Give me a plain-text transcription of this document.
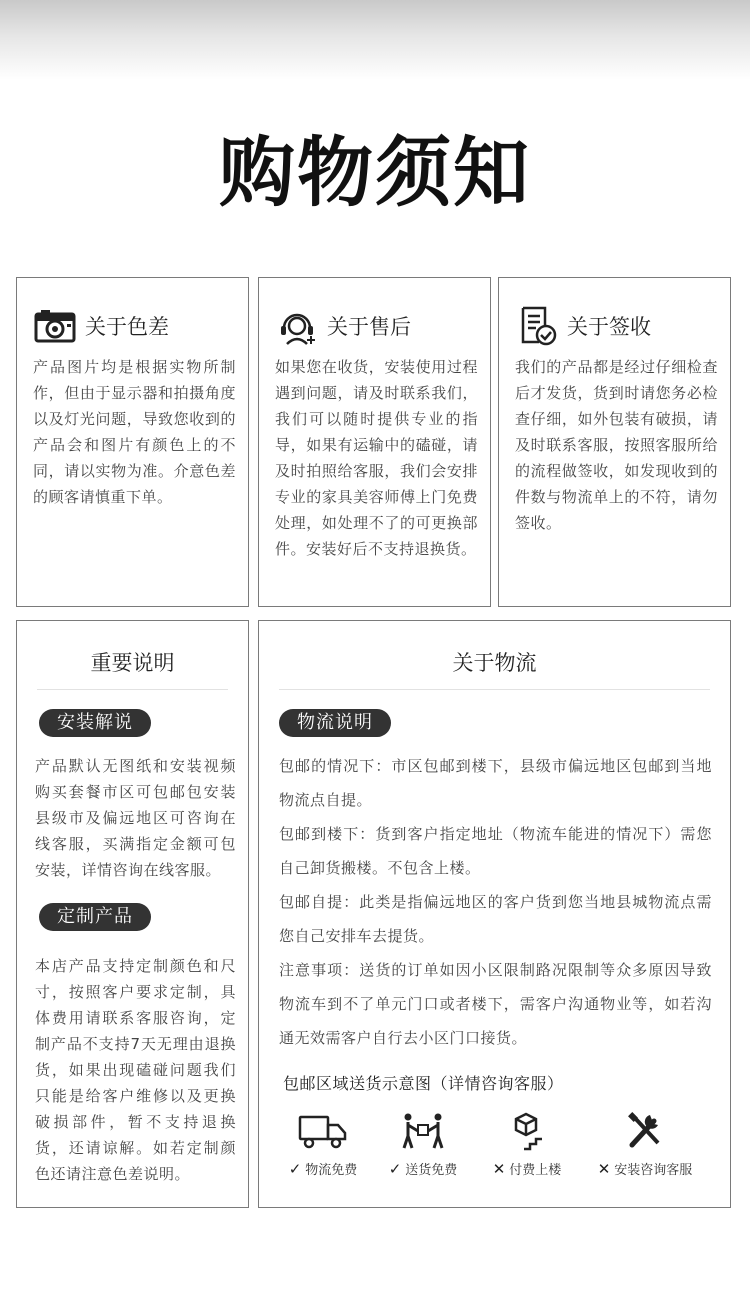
购物须知
关于色差
产品图片均是根据实物所制作，但由于显示器和拍摄角度以及灯光问题，导致您收到的产品会和图片有颜色上的不同，请以实物为准。介意色差的顾客请慎重下单。
关于售后
如果您在收货，安装使用过程遇到问题，请及时联系我们，我们可以随时提供专业的指导，如果有运输中的磕碰，请及时拍照给客服，我们会安排专业的家具美容师傅上门免费处理，如处理不了的可更换部件。安装好后不支持退换货。
关于签收
我们的产品都是经过仔细检查后才发货，货到时请您务必检查仔细，如外包装有破损，请及时联系客服，按照客服所给的流程做签收，如发现收到的件数与物流单上的不符，请勿签收。
重要说明
安装解说
产品默认无图纸和安装视频购买套餐市区可包邮包安装县级市及偏远地区可咨询在线客服，买满指定金额可包安装，详情咨询在线客服。
定制产品
本店产品支持定制颜色和尺寸，按照客户要求定制，具体费用请联系客服咨询，定制产品不支持7天无理由退换货，如果出现磕碰问题我们只能是给客户维修以及更换破损部件，暂不支持退换货，还请谅解。如若定制颜色还请注意色差说明。
关于物流
物流说明
包邮的情况下：市区包邮到楼下，县级市偏远地区包邮到当地物流点自提。
包邮到楼下：货到客户指定地址（物流车能进的情况下）需您自己卸货搬楼。不包含上楼。
包邮自提：此类是指偏远地区的客户货到您当地县城物流点需您自己安排车去提货。
注意事项：送货的订单如因小区限制路况限制等众多原因导致物流车到不了单元门口或者楼下，需客户沟通物业等，如若沟通无效需客户自行去小区门口接货。
包邮区域送货示意图（详情咨询客服）
✓ 物流免费	✓ 送货免费	✕ 付费上楼	✕ 安装咨询客服
